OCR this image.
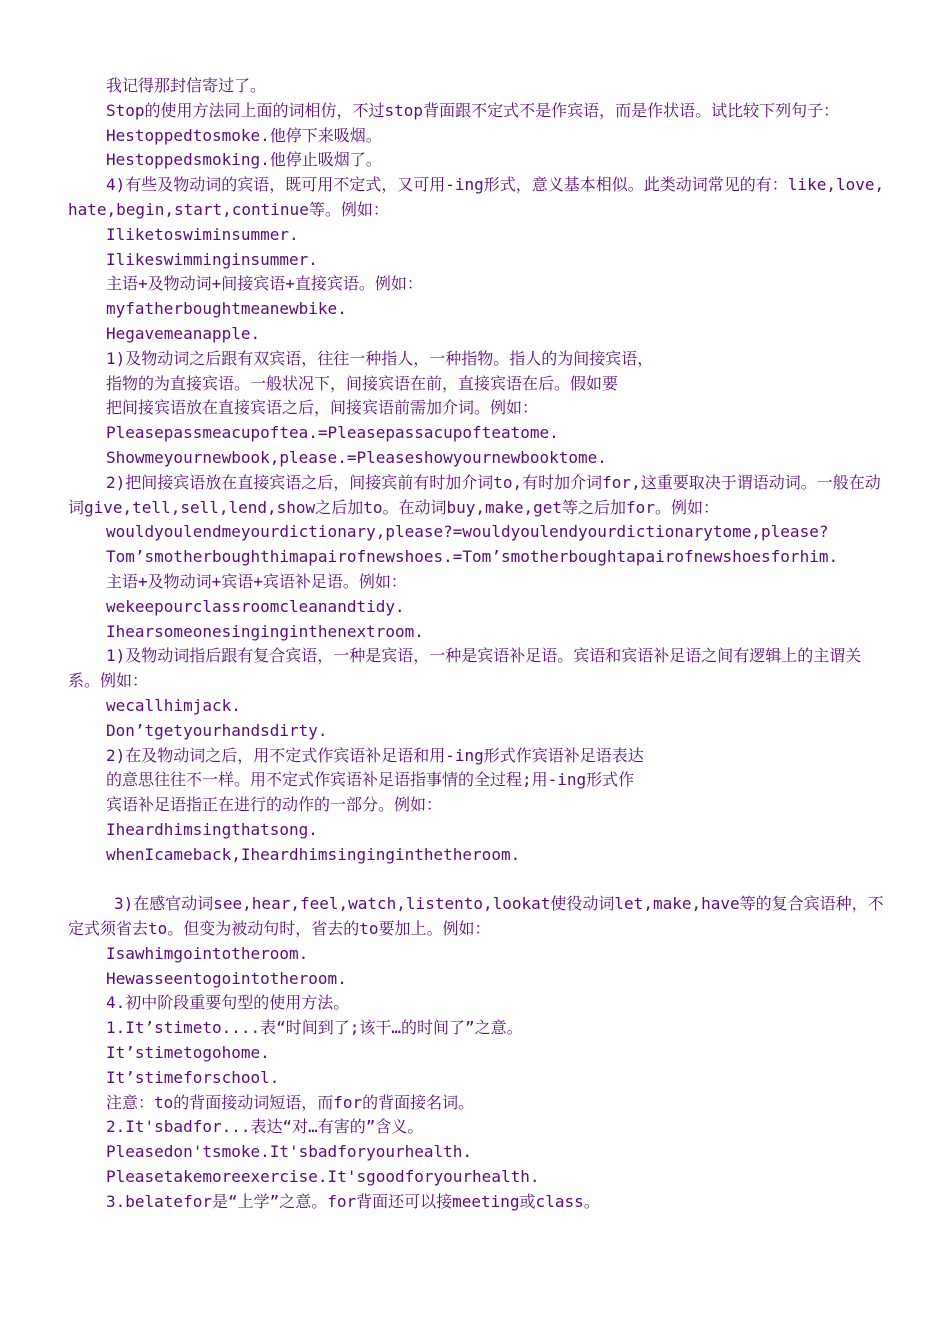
我记得那封信寄过了。

Stop的使用方法同上面的词相仿，不过stop背面跟不定式不是作宾语，而是作状语。试比较下列句子：

Hestoppedtosmoke.他停下来吸烟。

Hestoppedsmoking.他停止吸烟了。

4)有些及物动词的宾语，既可用不定式，又可用-ing形式，意义基本相似。此类动词常见的有：like,love,hate,begin,start,continue等。例如：

Iliketoswiminsummer.

Ilikeswimminginsummer.

主语+及物动词+间接宾语+直接宾语。例如：

myfatherboughtmeanewbike.

Hegavemeanapple.

1)及物动词之后跟有双宾语，往往一种指人，一种指物。指人的为间接宾语，

指物的为直接宾语。一般状况下，间接宾语在前，直接宾语在后。假如要

把间接宾语放在直接宾语之后，间接宾语前需加介词。例如：

Pleasepassmeacupoftea.=Pleasepassacupofteatome.

Showmeyournewbook,please.=Pleaseshowyournewbooktome.

2)把间接宾语放在直接宾语之后，间接宾前有时加介词to,有时加介词for,这重要取决于谓语动词。一般在动词give,tell,sell,lend,show之后加to。在动词buy,make,get等之后加for。例如：

wouldyoulendmeyourdictionary,please?=wouldyoulendyourdictionarytome,please?

Tom’smotherboughthimapairofnewshoes.=Tom’smotherboughtapairofnewshoesforhim.

主语+及物动词+宾语+宾语补足语。例如：

wekeepourclassroomcleanandtidy.

Ihearsomeonesinginginthenextroom.

1)及物动词指后跟有复合宾语，一种是宾语，一种是宾语补足语。宾语和宾语补足语之间有逻辑上的主谓关系。例如：

wecallhimjack.

Don’tgetyourhandsdirty.

2)在及物动词之后，用不定式作宾语补足语和用-ing形式作宾语补足语表达

的意思往往不一样。用不定式作宾语补足语指事情的全过程;用-ing形式作

宾语补足语指正在进行的动作的一部分。例如：

Iheardhimsingthatsong.

whenIcameback,Iheardhimsinginginthetheroom.

3)在感官动词see,hear,feel,watch,listento,lookat使役动词let,make,have等的复合宾语种，不定式须省去to。但变为被动句时，省去的to要加上。例如：

Isawhimgointotheroom.

Hewasseentogointotheroom.

4.初中阶段重要句型的使用方法。

1.It’stimeto....表“时间到了;该干…的时间了”之意。

It’stimetogohome.

It’stimeforschool.

注意：to的背面接动词短语，而for的背面接名词。

2.It'sbadfor...表达“对…有害的”含义。

Pleasedon'tsmoke.It'sbadforyourhealth.

Pleasetakemoreexercise.It'sgoodforyourhealth.

3.belatefor是“上学”之意。for背面还可以接meeting或class。
